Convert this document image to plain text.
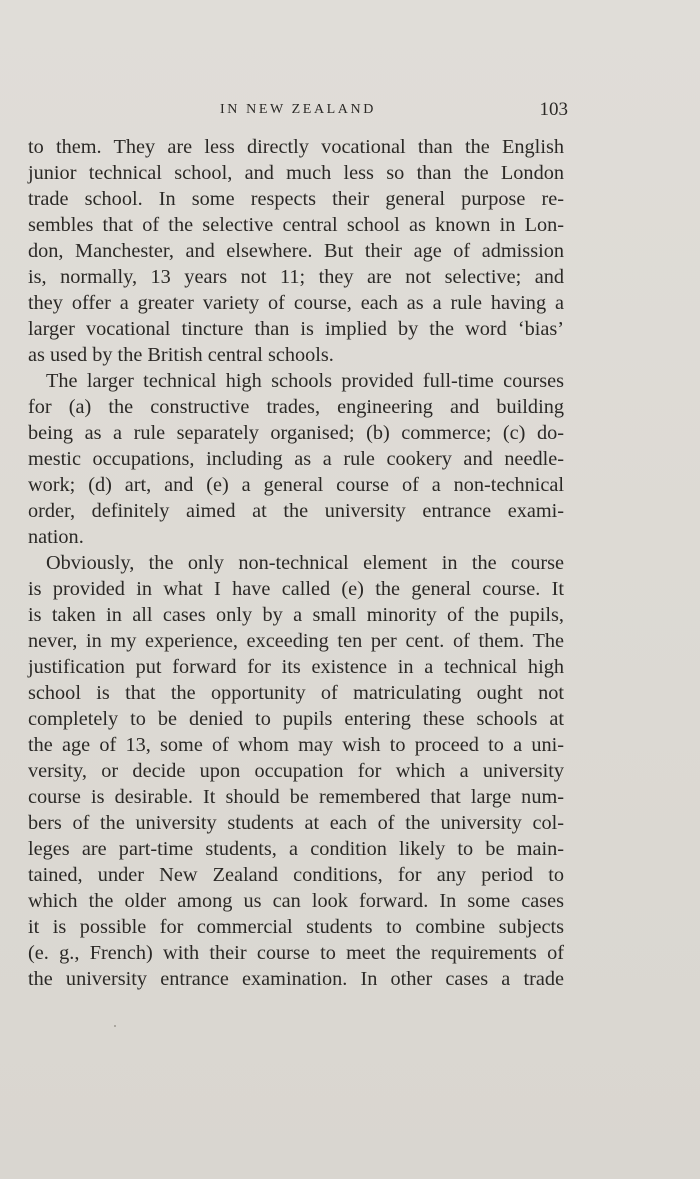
IN NEW ZEALAND	103
to them. They are less directly vocational than the English
junior technical school, and much less so than the London
trade school. In some respects their general purpose re-
sembles that of the selective central school as known in Lon-
don, Manchester, and elsewhere. But their age of admission
is, normally, 13 years not 11; they are not selective; and
they offer a greater variety of course, each as a rule having a
larger vocational tincture than is implied by the word ‘bias’
as used by the British central schools.
The larger technical high schools provided full-time courses
for (a) the constructive trades, engineering and building
being as a rule separately organised; (b) commerce; (c) do-
mestic occupations, including as a rule cookery and needle-
work; (d) art, and (e) a general course of a non-technical
order, definitely aimed at the university entrance exami-
nation.
Obviously, the only non-technical element in the course
is provided in what I have called (e) the general course. It
is taken in all cases only by a small minority of the pupils,
never, in my experience, exceeding ten per cent. of them. The
justification put forward for its existence in a technical high
school is that the opportunity of matriculating ought not
completely to be denied to pupils entering these schools at
the age of 13, some of whom may wish to proceed to a uni-
versity, or decide upon occupation for which a university
course is desirable. It should be remembered that large num-
bers of the university students at each of the university col-
leges are part-time students, a condition likely to be main-
tained, under New Zealand conditions, for any period to
which the older among us can look forward. In some cases
it is possible for commercial students to combine subjects
(e. g., French) with their course to meet the requirements of
the university entrance examination. In other cases a trade
